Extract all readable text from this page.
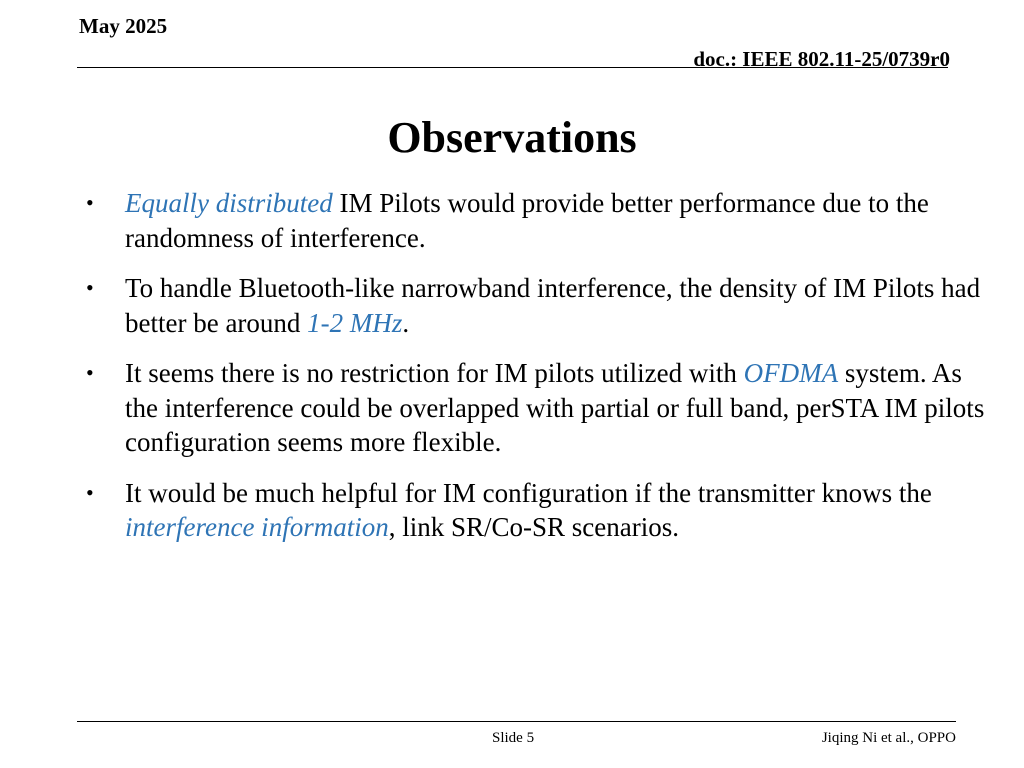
May 2025
doc.: IEEE 802.11-25/0739r0
Observations
•	Equally distributed IM Pilots would provide better performance due to the randomness of interference.
•	To handle Bluetooth-like narrowband interference, the density of IM Pilots had better be around 1-2 MHz.
•	It seems there is no restriction for IM pilots utilized with OFDMA system. As the interference could be overlapped with partial or full band, perSTA IM pilots configuration seems more flexible.
•	It would be much helpful for IM configuration if the transmitter knows the interference information, link SR/Co-SR scenarios.
Slide 5	Jiqing Ni et al., OPPO
